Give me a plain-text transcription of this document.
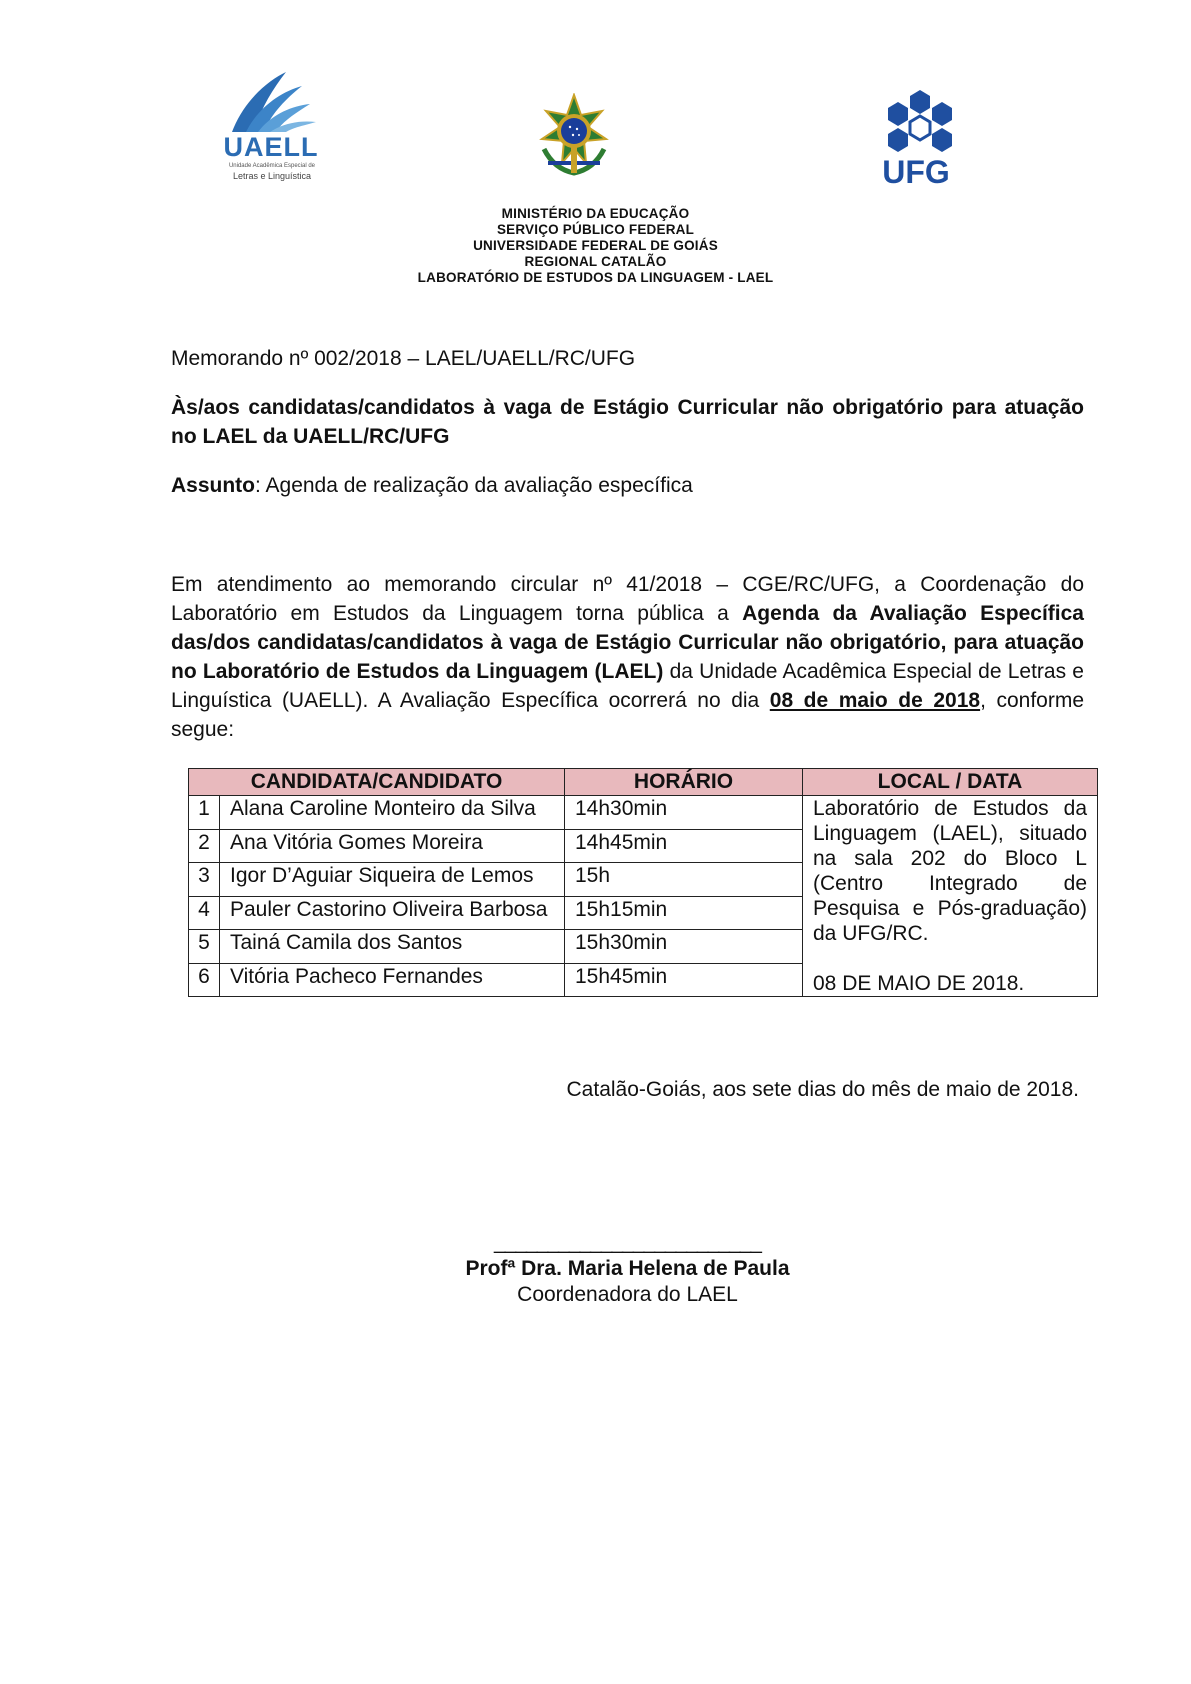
UAELL
Unidade Acadêmica Especial de
Letras e Linguística	UFG
MINISTÉRIO DA EDUCAÇÃO
SERVIÇO PÚBLICO FEDERAL
UNIVERSIDADE FEDERAL DE GOIÁS
REGIONAL CATALÃO
LABORATÓRIO DE ESTUDOS DA LINGUAGEM - LAEL
Memorando nº 002/2018 – LAEL/UAELL/RC/UFG
Às/aos candidatas/candidatos à vaga de Estágio Curricular não obrigatório para atuação no LAEL da UAELL/RC/UFG
Assunto: Agenda de realização da avaliação específica
Em atendimento ao memorando circular nº 41/2018 – CGE/RC/UFG, a Coordenação do Laboratório em Estudos da Linguagem torna pública a Agenda da Avaliação Específica das/dos candidatas/candidatos à vaga de Estágio Curricular não obrigatório, para atuação no Laboratório de Estudos da Linguagem (LAEL) da Unidade Acadêmica Especial de Letras e Linguística (UAELL). A Avaliação Específica ocorrerá no dia 08 de maio de 2018, conforme segue:
CANDIDATA/CANDIDATO		HORÁRIO	LOCAL / DATA
1	Alana Caroline Monteiro da Silva	14h30min	Laboratório de Estudos da Linguagem (LAEL), situado na sala 202 do Bloco L (Centro Integrado de Pesquisa e Pós-graduação) da UFG/RC.
08 DE MAIO DE 2018.

2	Ana Vitória Gomes Moreira	14h45min	
3	Igor D’Aguiar Siqueira de Lemos	15h	
4	Pauler Castorino Oliveira Barbosa	15h15min	
5	Tainá Camila dos Santos	15h30min	
6	Vitória Pacheco Fernandes	15h45min	
Catalão-Goiás, aos sete dias do mês de maio de 2018.
_________________________
Profª Dra. Maria Helena de Paula
Coordenadora do LAEL
